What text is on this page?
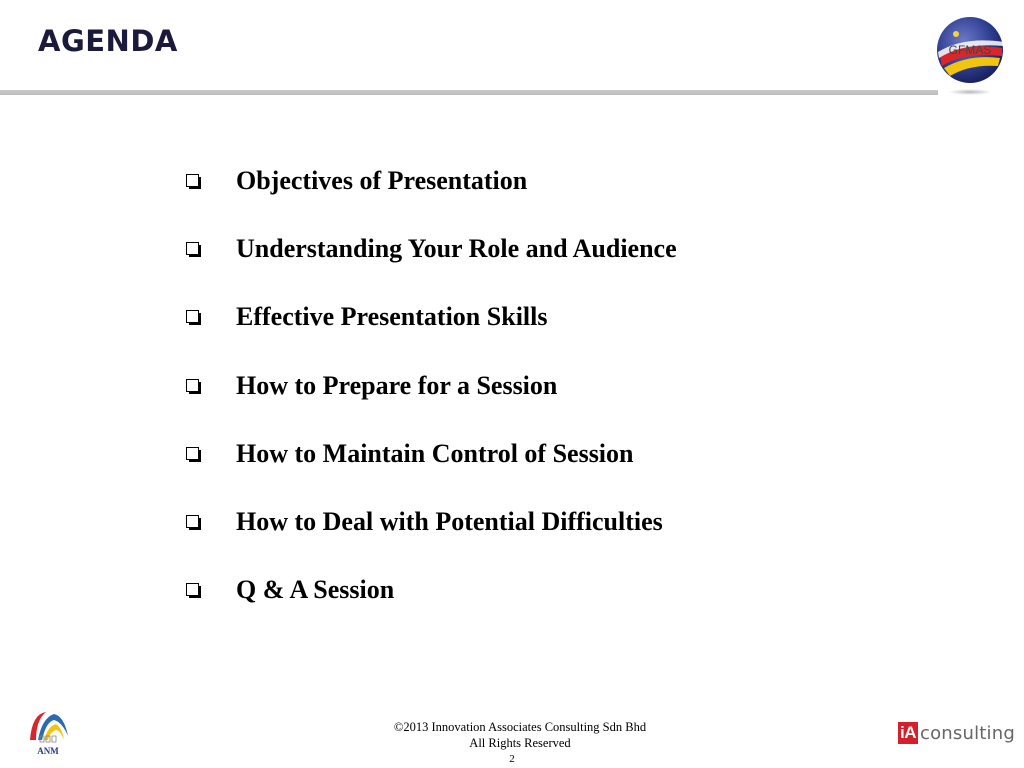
AGENDA	GFMAS
Objectives of Presentation
Understanding Your Role and Audience
Effective Presentation Skills
How to Prepare for a Session
How to Maintain Control of Session
How to Deal with Potential Difficulties
Q & A Session
ANM
©2013 Innovation Associates Consulting Sdn Bhd
All Rights Reserved
2
iA consulting
